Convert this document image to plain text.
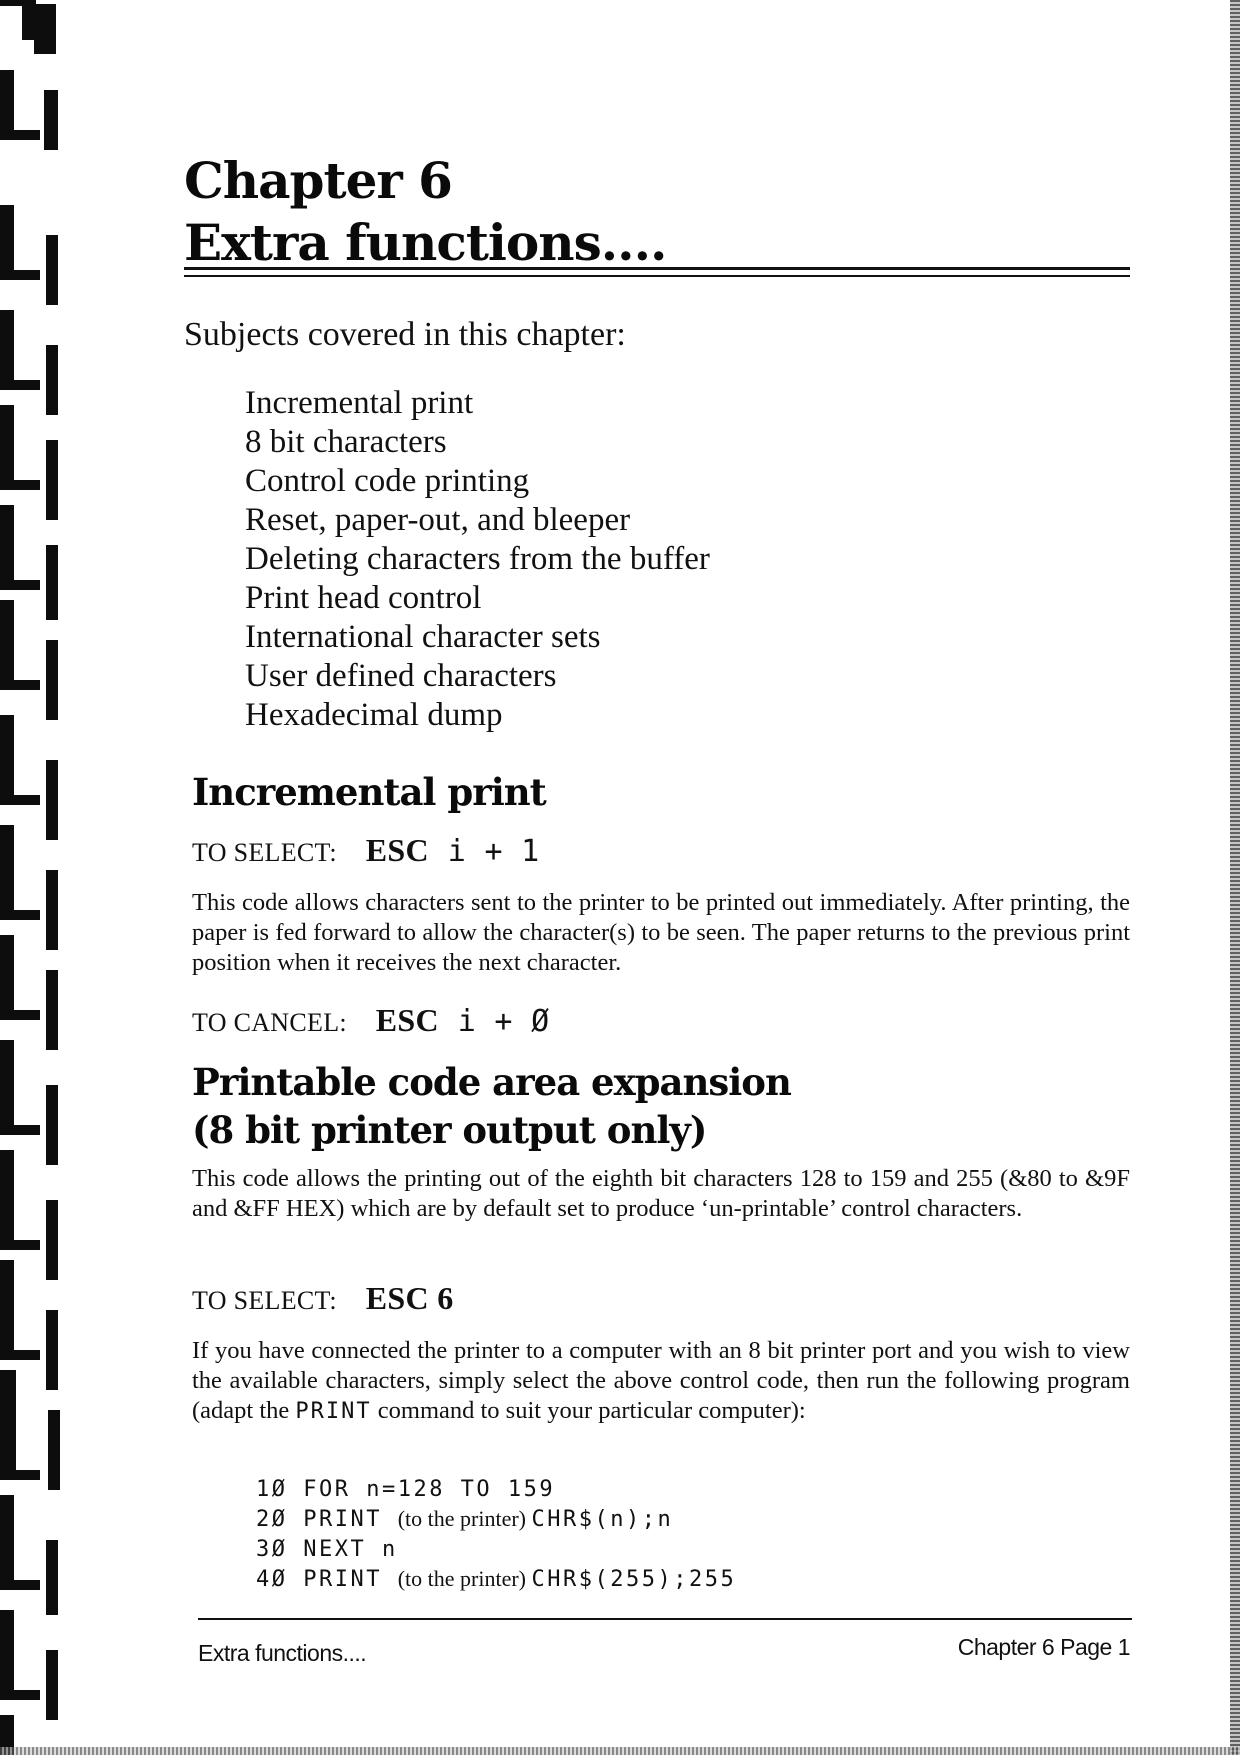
Chapter 6
Extra functions....
Subjects covered in this chapter:
Incremental print
8 bit characters
Control code printing
Reset, paper-out, and bleeper
Deleting characters from the buffer
Print head control
International character sets
User defined characters
Hexadecimal dump
Incremental print
TO SELECT: ESC i + 1
This code allows characters sent to the printer to be printed out immediately. After printing, the paper is fed forward to allow the character(s) to be seen. The paper returns to the previous print position when it receives the next character.
TO CANCEL: ESC i + Ø
Printable code area expansion
(8 bit printer output only)
This code allows the printing out of the eighth bit characters 128 to 159 and 255 (&80 to &9F and &FF HEX) which are by default set to produce ‘un-printable’ control characters.
TO SELECT: ESC 6
If you have connected the printer to a computer with an 8 bit printer port and you wish to view the available characters, simply select the above control code, then run the following program (adapt the PRINT command to suit your particular computer):
1Ø FOR n=128 TO 159
2Ø PRINT (to the printer) CHR$(n);n
3Ø NEXT n
4Ø PRINT (to the printer) CHR$(255);255
Extra functions....	Chapter 6 Page 1
